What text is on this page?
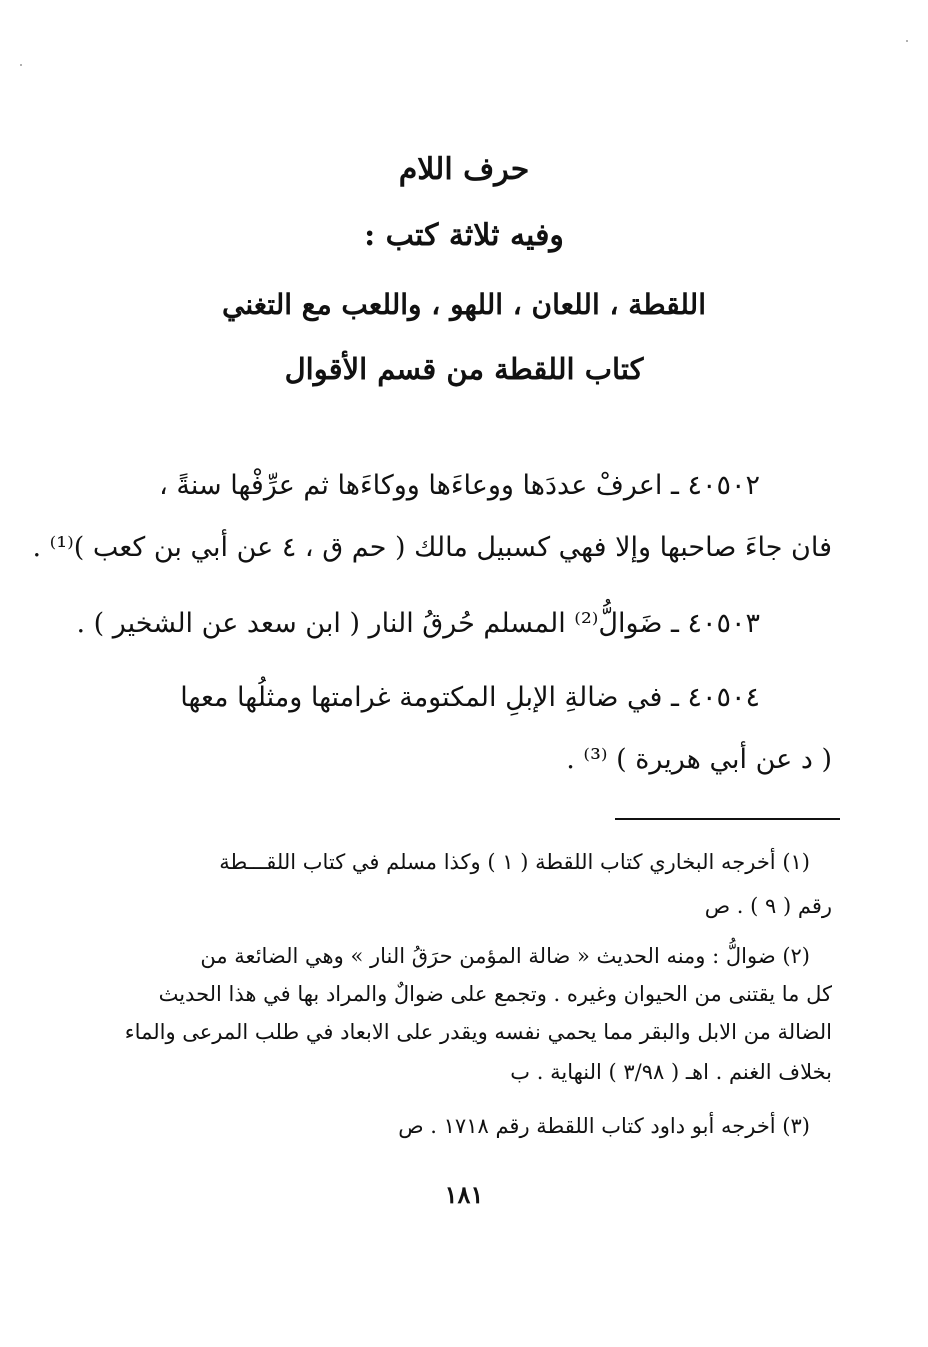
حرف اللام
وفيه ثلاثة كتب :
اللقطة ، اللعان ، اللهو ، واللعب مع التغني
كتاب اللقطة من قسم الأقوال
٤٠٥٠٢ ـ اعرفْ عددَها ووعاءَها ووكاءَها ثم عرِّفْها سنةً ،
فان جاءَ صاحبها وإلا فهي كسبيل مالك ( حم ق ، ٤ عن أبي بن كعب )⁽¹⁾ .
٤٠٥٠٣ ـ ضَوالُّ⁽²⁾ المسلم حُرقُ النار ( ابن سعد عن الشخير ) .
٤٠٥٠٤ ـ في ضالةِ الإبلِ المكتومة غرامتها ومثلُها معها
( د عن أبي هريرة ) ⁽³⁾ .
(١) أخرجه البخاري كتاب اللقطة ( ١ ) وكذا مسلم في كتاب اللقـــطة
رقم ( ٩ ) . ص
(٢) ضوالُّ : ومنه الحديث « ضالة المؤمن حرَقُ النار » وهي الضائعة من
كل ما يقتنى من الحيوان وغيره . وتجمع على ضوالٌ والمراد بها في هذا الحديث
الضالة من الابل والبقر مما يحمي نفسه ويقدر على الابعاد في طلب المرعى والماء
بخلاف الغنم . اهـ ( ٣/٩٨ ) النهاية . ب
(٣) أخرجه أبو داود كتاب اللقطة رقم ١٧١٨ . ص
١٨١
